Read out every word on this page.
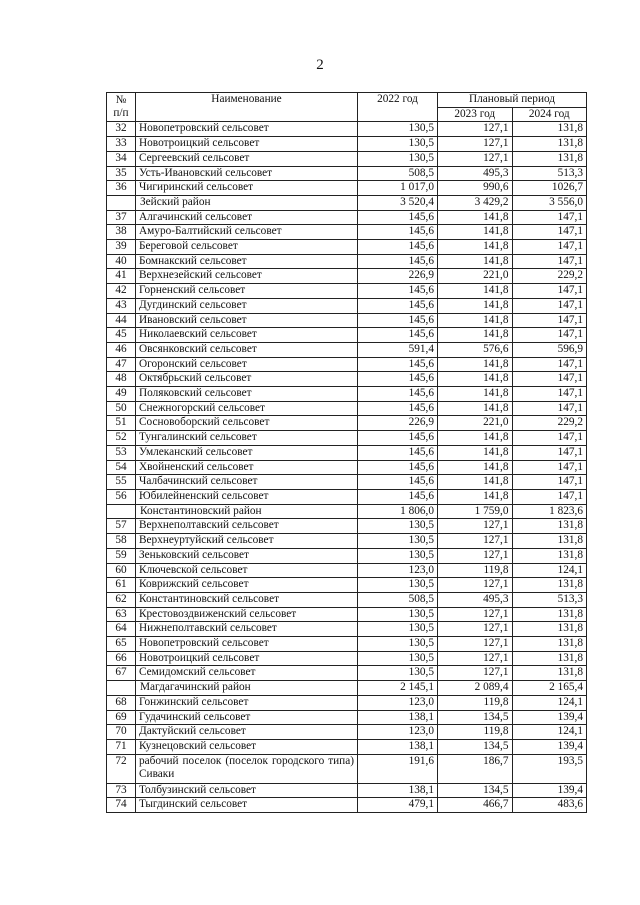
2
№
п/п	Наименование	2022 год	Плановый период	
			2023 год	2024 год
32	Новопетровский сельсовет	130,5	127,1	131,8
33	Новотроицкий сельсовет	130,5	127,1	131,8
34	Сергеевский сельсовет	130,5	127,1	131,8
35	Усть-Ивановский сельсовет	508,5	495,3	513,3
36	Чигиринский сельсовет	1 017,0	990,6	1026,7
	Зейский район	3 520,4	3 429,2	3 556,0
37	Алгачинский сельсовет	145,6	141,8	147,1
38	Амуро-Балтийский сельсовет	145,6	141,8	147,1
39	Береговой сельсовет	145,6	141,8	147,1
40	Бомнакский сельсовет	145,6	141,8	147,1
41	Верхнезейский сельсовет	226,9	221,0	229,2
42	Горненский сельсовет	145,6	141,8	147,1
43	Дугдинский сельсовет	145,6	141,8	147,1
44	Ивановский сельсовет	145,6	141,8	147,1
45	Николаевский сельсовет	145,6	141,8	147,1
46	Овсянковский сельсовет	591,4	576,6	596,9
47	Огоронский сельсовет	145,6	141,8	147,1
48	Октябрьский сельсовет	145,6	141,8	147,1
49	Поляковский сельсовет	145,6	141,8	147,1
50	Снежногорский сельсовет	145,6	141,8	147,1
51	Сосновоборский сельсовет	226,9	221,0	229,2
52	Тунгалинский сельсовет	145,6	141,8	147,1
53	Умлеканский сельсовет	145,6	141,8	147,1
54	Хвойненский сельсовет	145,6	141,8	147,1
55	Чалбачинский сельсовет	145,6	141,8	147,1
56	Юбилейненский сельсовет	145,6	141,8	147,1
	Константиновский район	1 806,0	1 759,0	1 823,6
57	Верхнеполтавский сельсовет	130,5	127,1	131,8
58	Верхнеуртуйский сельсовет	130,5	127,1	131,8
59	Зеньковский сельсовет	130,5	127,1	131,8
60	Ключевской сельсовет	123,0	119,8	124,1
61	Коврижский сельсовет	130,5	127,1	131,8
62	Константиновский сельсовет	508,5	495,3	513,3
63	Крестовоздвиженский сельсовет	130,5	127,1	131,8
64	Нижнеполтавский сельсовет	130,5	127,1	131,8
65	Новопетровский сельсовет	130,5	127,1	131,8
66	Новотроицкий сельсовет	130,5	127,1	131,8
67	Семидомский сельсовет	130,5	127,1	131,8
	Магдагачинский район	2 145,1	2 089,4	2 165,4
68	Гонжинский сельсовет	123,0	119,8	124,1
69	Гудачинский сельсовет	138,1	134,5	139,4
70	Дактуйский сельсовет	123,0	119,8	124,1
71	Кузнецовский сельсовет	138,1	134,5	139,4
72	рабочий поселок (поселок городского типа) Сиваки	191,6	186,7	193,5
73	Толбузинский сельсовет	138,1	134,5	139,4
74	Тыгдинский сельсовет	479,1	466,7	483,6
